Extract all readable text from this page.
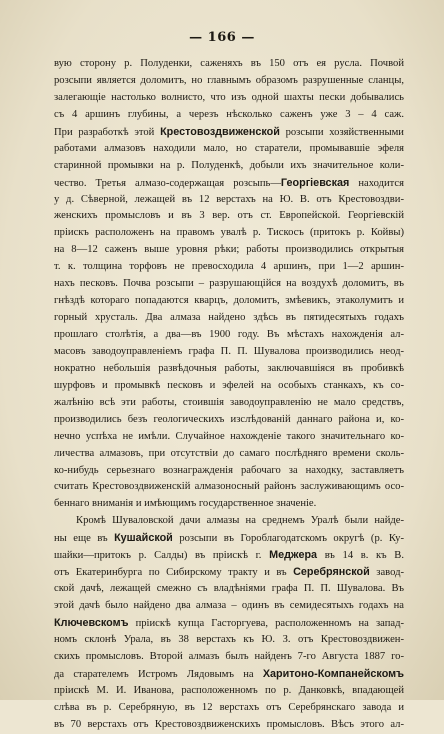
— 166 —
вую сторону р. Полуденки, саженяхъ въ 150 отъ ея русла. Почвой
розсыпи является доломитъ, но главнымъ образомъ разрушенные сланцы,
залегающіе настолько волнисто, что изъ одной шахты пески добывались
съ 4 аршинъ глубины, а черезъ нѣсколько саженъ уже 3 – 4 саж.
При разработкѣ этой Крестовоздвиженской розсыпи хозяйственными
работами алмазовъ находили мало, но старатели, промывавшіе эфеля
старинной промывки на р. Полуденкѣ, добыли ихъ значительное коли-
чество. Третья алмазо-содержащая розсыпь—Георгіевская находится
у д. Сѣверной, лежащей въ 12 верстахъ на Ю. В. отъ Крестовоздви-
женскихъ промысловъ и въ 3 вер. отъ ст. Европейской. Георгіевскій
пріискъ расположенъ на правомъ увалѣ р. Тискосъ (притокъ р. Койвы)
на 8—12 саженъ выше уровня рѣки; работы производились открытыя
т. к. толщина торфовъ не превосходила 4 аршинъ, при 1—2 аршин-
нахъ песковъ. Почва розсыпи – разрушающійся на воздухѣ доломитъ, въ
гнѣздѣ котораго попадаются кварцъ, доломитъ, змѣевикъ, этаколумитъ и
горный хрусталь. Два алмаза найдено здѣсь въ пятидесятыхъ годахъ
прошлаго столѣтія, а два—въ 1900 году. Въ мѣстахъ нахожденія ал-
масовъ заводоуправленіемъ графа П. П. Шувалова производились неод-
нократно небольшія развѣдочныя работы, заключавшіяся въ пробивкѣ
шурфовъ и промывкѣ песковъ и эфелей на особыхъ станкахъ, къ со-
жалѣнію всѣ эти работы, стоившія заводоуправленію не мало средствъ,
производились безъ геологическихъ изслѣдованій даннаго района и, ко-
нечно успѣха не имѣли. Случайное нахожденіе такого значительнаго ко-
личества алмазовъ, при отсутствіи до самаго послѣдняго времени сколь-
ко-нибудь серьезнаго вознагражденія рабочаго за находку, заставляетъ
считать Крестовоздвиженскій алмазоносный районъ заслуживающимъ осо-
беннаго вниманія и имѣющимъ государственное значеніе.
Кромѣ Шуваловской дачи алмазы на среднемъ Уралѣ были найде-
ны еще въ Кушайской розсыпи въ Гороблагодатскомъ округѣ (р. Ку-
шайки—притокъ р. Салды) въ пріискѣ г. Меджера въ 14 в. къ В.
отъ Екатеринбурга по Сибирскому тракту и въ Серебрянской завод-
ской дачѣ, лежащей смежно съ владѣніями графа П. П. Шувалова. Въ
этой дачѣ было найдено два алмаза – одинъ въ семидесятыхъ годахъ на
Ключевскомъ пріискѣ купца Гасторгуева, расположенномъ на запад-
номъ склонѣ Урала, въ 38 верстахъ къ Ю. З. отъ Крестовоздвижен-
скихъ промысловъ. Второй алмазъ былъ найденъ 7-го Августа 1887 го-
да старателемъ Истромъ Лядовымъ на Харитоно-Компанейскомъ
пріискѣ М. И. Иванова, расположенномъ по р. Данковкѣ, впадающей
слѣва въ р. Серебряную, въ 12 верстахъ отъ Серебрянскаго завода и
въ 70 верстахъ отъ Крестовоздвиженскихъ промысловъ. Вѣсъ этого ал-
